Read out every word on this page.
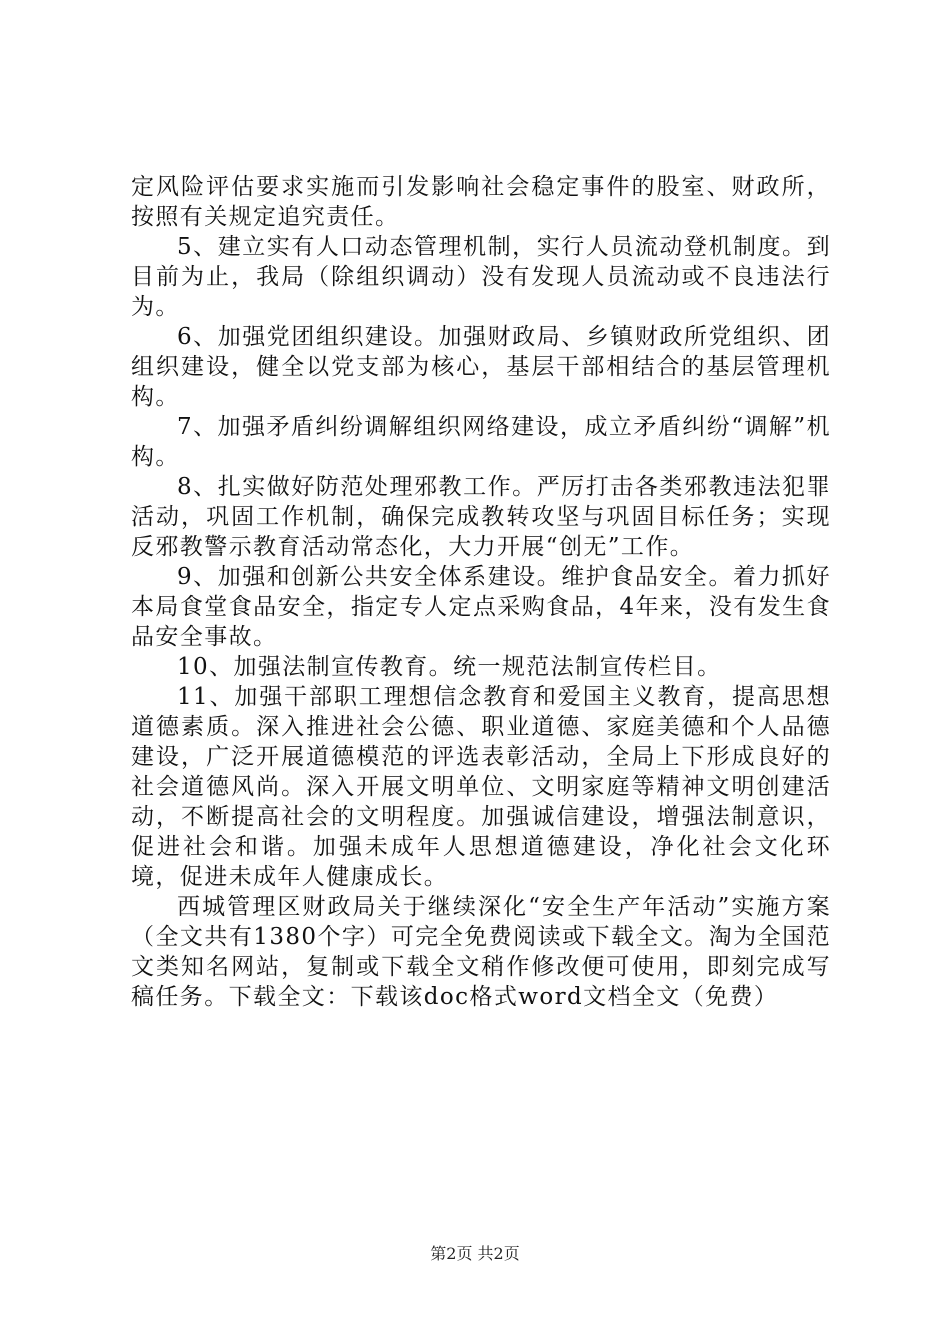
定风险评估要求实施而引发影响社会稳定事件的股室、财政所，按照有关规定追究责任。

5、建立实有人口动态管理机制，实行人员流动登机制度。到目前为止，我局（除组织调动）没有发现人员流动或不良违法行为。

6、加强党团组织建设。加强财政局、乡镇财政所党组织、团组织建设，健全以党支部为核心，基层干部相结合的基层管理机构。

7、加强矛盾纠纷调解组织网络建设，成立矛盾纠纷“调解”机构。

8、扎实做好防范处理邪教工作。严厉打击各类邪教违法犯罪活动，巩固工作机制，确保完成教转攻坚与巩固目标任务；实现反邪教警示教育活动常态化，大力开展“创无”工作。

9、加强和创新公共安全体系建设。维护食品安全。着力抓好本局食堂食品安全，指定专人定点采购食品，4年来，没有发生食品安全事故。

10、加强法制宣传教育。统一规范法制宣传栏目。

11、加强干部职工理想信念教育和爱国主义教育，提高思想道德素质。深入推进社会公德、职业道德、家庭美德和个人品德建设，广泛开展道德模范的评选表彰活动，全局上下形成良好的社会道德风尚。深入开展文明单位、文明家庭等精神文明创建活动，不断提高社会的文明程度。加强诚信建设，增强法制意识，促进社会和谐。加强未成年人思想道德建设，净化社会文化环境，促进未成年人健康成长。

西城管理区财政局关于继续深化“安全生产年活动”实施方案（全文共有1380个字）可完全免费阅读或下载全文。淘为全国范文类知名网站，复制或下载全文稍作修改便可使用，即刻完成写稿任务。下载全文：下载该doc格式word文档全文（免费）

第2页 共2页
